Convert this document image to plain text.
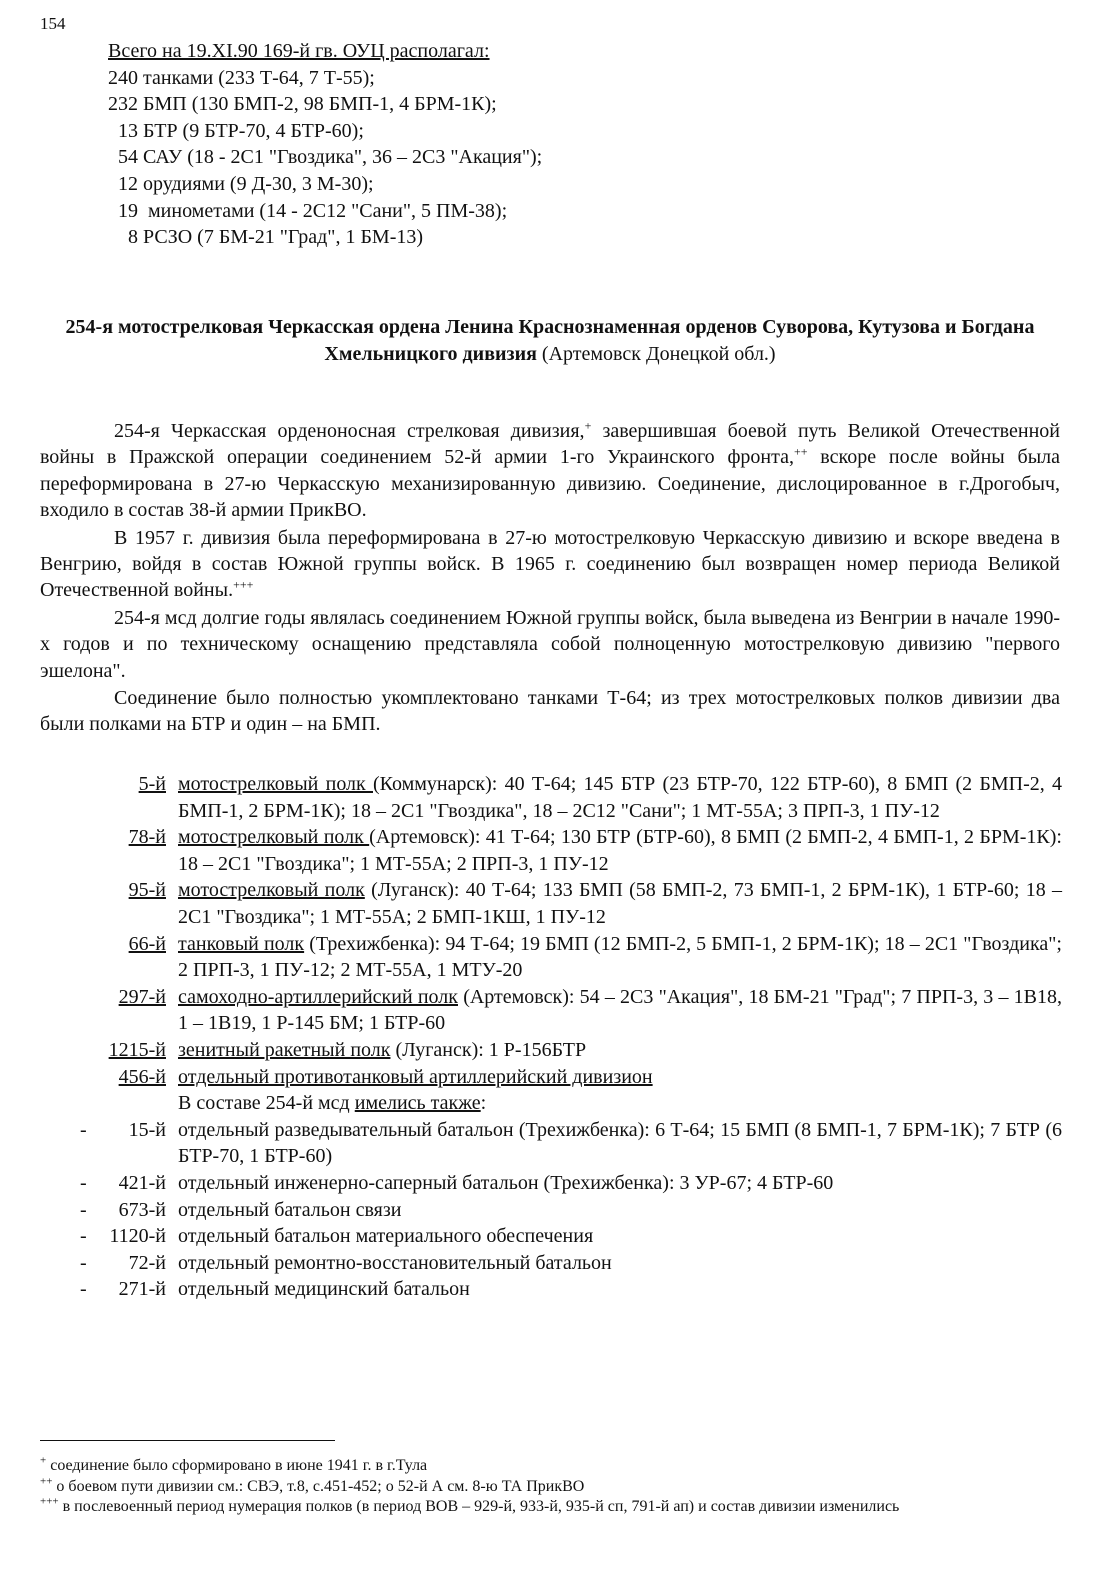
154
Всего на 19.XI.90 169-й гв. ОУЦ располагал:
240 танками (233 Т-64, 7 Т-55);
232 БМП (130 БМП-2, 98 БМП-1, 4 БРМ-1К);
13 БТР (9 БТР-70, 4 БТР-60);
54 САУ (18 - 2С1 "Гвоздика", 36 – 2С3 "Акация");
12 орудиями (9 Д-30, 3 М-30);
19  минометами (14 - 2С12 "Сани", 5 ПМ-38);
8 РСЗО (7 БМ-21 "Град", 1 БМ-13)
254-я мотострелковая Черкасская ордена Ленина Краснознаменная орденов Суворова, Кутузова и Богдана Хмельницкого дивизия (Артемовск Донецкой обл.)

254-я Черкасская орденоносная стрелковая дивизия,+ завершившая боевой путь Великой Отечественной войны в Пражской операции соединением 52-й армии 1-го Украинского фронта,++ вскоре после войны была переформирована в 27-ю Черкасскую механизированную дивизию. Соединение, дислоцированное в г.Дрогобыч, входило в состав 38-й армии ПрикВО.

В 1957 г. дивизия была переформирована в 27-ю мотострелковую Черкасскую дивизию и вскоре введена в Венгрию, войдя в состав Южной группы войск. В 1965 г. соединению был возвращен номер периода Великой Отечественной войны.+++

254-я мсд долгие годы являлась соединением Южной группы войск, была выведена из Венгрии в начале 1990-х годов и по техническому оснащению представляла собой полноценную мотострелковую дивизию "первого эшелона".

Соединение было полностью укомплектовано танками Т-64; из трех мотострелковых полков дивизии два были полками на БТР и один – на БМП.

5-й мотострелковый полк (Коммунарск): 40 Т-64; 145 БТР (23 БТР-70, 122 БТР-60), 8 БМП (2 БМП-2, 4 БМП-1, 2 БРМ-1К); 18 – 2С1 "Гвоздика", 18 – 2С12 "Сани"; 1 МТ-55А; 3 ПРП-3, 1 ПУ-12

78-й мотострелковый полк (Артемовск): 41 Т-64; 130 БТР (БТР-60), 8 БМП (2 БМП-2, 4 БМП-1, 2 БРМ-1К): 18 – 2С1 "Гвоздика"; 1 МТ-55А; 2 ПРП-3, 1 ПУ-12

95-й мотострелковый полк (Луганск): 40 Т-64; 133 БМП (58 БМП-2, 73 БМП-1, 2 БРМ-1К), 1 БТР-60; 18 – 2С1 "Гвоздика"; 1 МТ-55А; 2 БМП-1КШ, 1 ПУ-12

66-й танковый полк (Трехижбенка): 94 Т-64; 19 БМП (12 БМП-2, 5 БМП-1, 2 БРМ-1К); 18 – 2С1 "Гвоздика"; 2 ПРП-3, 1 ПУ-12; 2 МТ-55А, 1 МТУ-20

297-й самоходно-артиллерийский полк (Артемовск): 54 – 2С3 "Акация", 18 БМ-21 "Град"; 7 ПРП-3, 3 – 1В18, 1 – 1В19, 1 Р-145 БМ; 1 БТР-60

1215-й зенитный ракетный полк (Луганск): 1 Р-156БТР

456-й отдельный противотанковый артиллерийский дивизион

В составе 254-й мсд имелись также:

-	15-й отдельный разведывательный батальон (Трехижбенка): 6 Т-64; 15 БМП (8 БМП-1, 7 БРМ-1К); 7 БТР (6 БТР-70, 1 БТР-60)

-	421-й отдельный инженерно-саперный батальон (Трехижбенка): 3 УР-67; 4 БТР-60

-	673-й отдельный батальон связи

-	1120-й отдельный батальон материального обеспечения

-	72-й отдельный ремонтно-восстановительный батальон

-	271-й отдельный медицинский батальон

+ соединение было сформировано в июне 1941 г. в г.Тула

++ о боевом пути дивизии см.: СВЭ, т.8, с.451-452; о 52-й А см. 8-ю ТА ПрикВО

+++ в послевоенный период нумерация полков (в период ВОВ – 929-й, 933-й, 935-й сп, 791-й ап) и состав дивизии изменились
